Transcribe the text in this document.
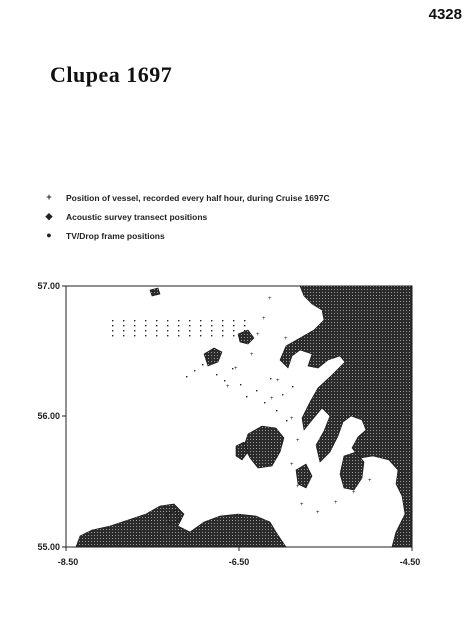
4328
Clupea 1697
+	Position of vessel, recorded every half hour, during Cruise 1697C
◆	Acoustic survey transect positions
●	TV/Drop frame positions
+
+
+
+
+
+
+
+
+
+
+
+
+
+
+
+
+
+
+
57.00
56.00
55.00
-8.50	-6.50	-4.50
